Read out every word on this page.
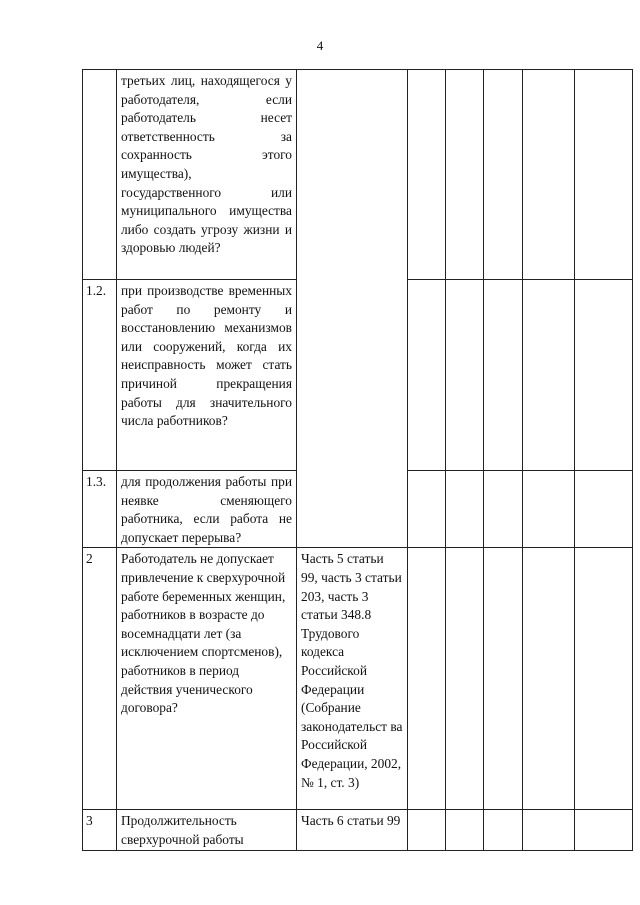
4
	третьих лиц, находящегося у работодателя, если работодатель несет ответственность за сохранность этого имущества), государственного или муниципального имущества либо создать угрозу жизни и здоровью людей?						
1.2.	при производстве временных работ по ремонту и восстановлению механизмов или сооружений, когда их неисправность может стать причиной прекращения работы для значительного числа работников?						
1.3.	для продолжения работы при неявке сменяющего работника, если работа не допускает перерыва?						
2	Работодатель не допускает привлечение к сверхурочной работе беременных женщин, работников в возрасте до восемнадцати лет (за исключением спортсменов), работников в период действия ученического договора?	Часть 5 статьи 99, часть 3 статьи 203, часть 3 статьи 348.8 Трудового кодекса Российской Федерации (Собрание законодательст ва Российской Федерации, 2002, № 1, ст. 3)					
3	Продолжительность сверхурочной работы	Часть 6 статьи 99					
